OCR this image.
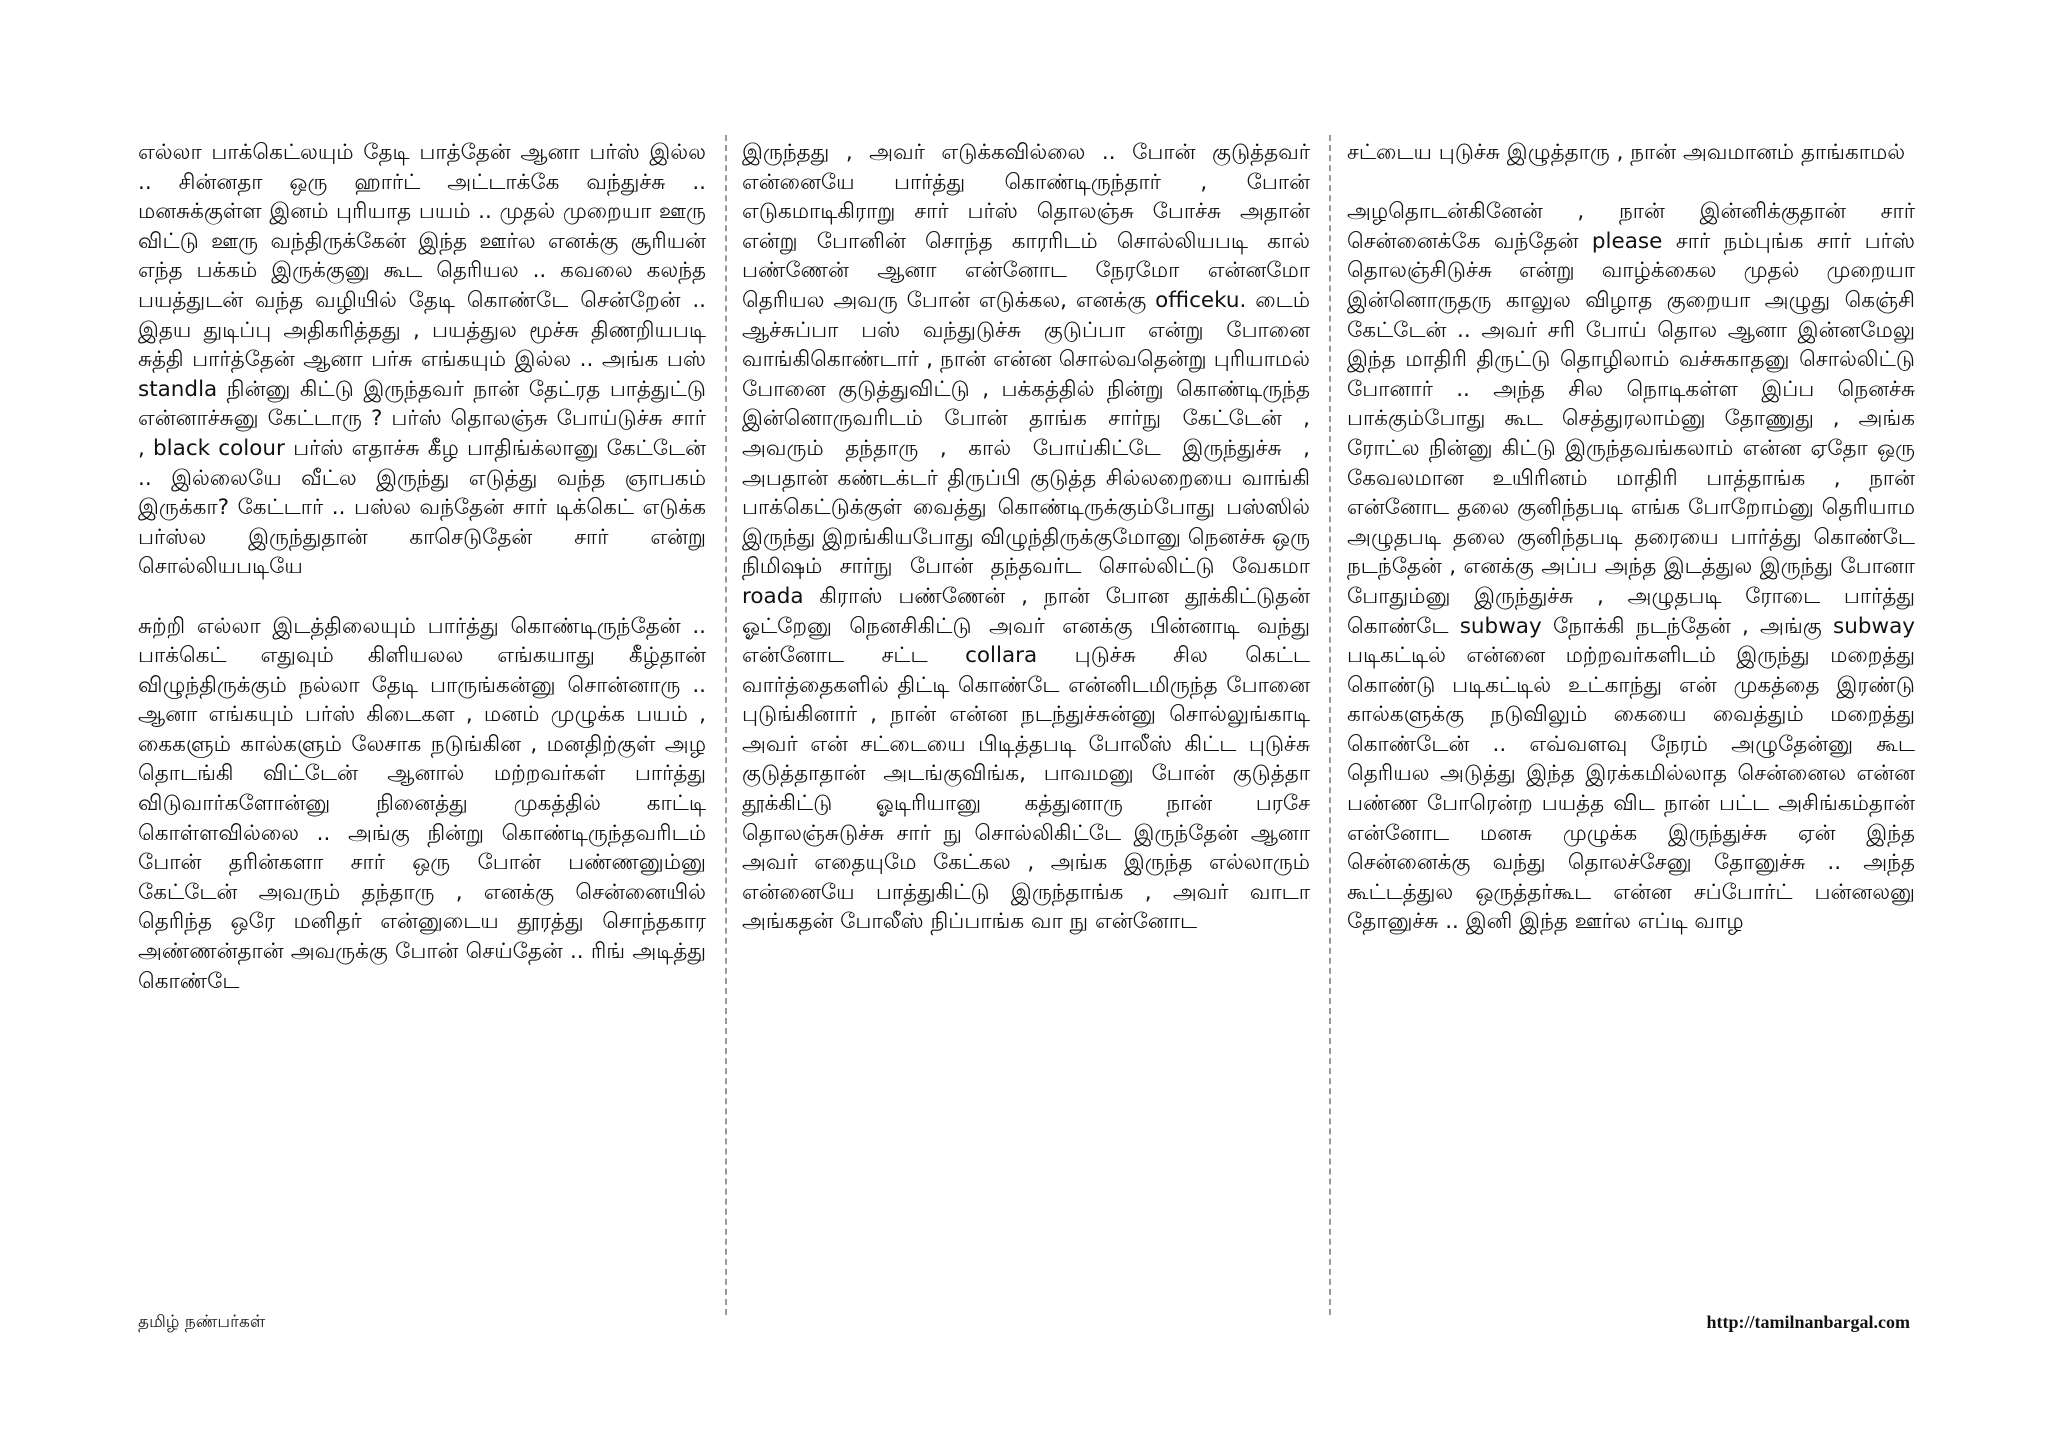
எல்லா பாக்கெட்லயும் தேடி பாத்தேன் ஆனா பர்ஸ் இல்ல .. சின்னதா ஒரு ஹார்ட் அட்டாக்கே வந்துச்சு .. மனசுக்குள்ள இனம் புரியாத பயம் .. முதல் முறையா ஊரு விட்டு ஊரு வந்திருக்கேன் இந்த ஊர்ல எனக்கு சூரியன் எந்த பக்கம் இருக்குனு கூட தெரியல .. கவலை கலந்த பயத்துடன் வந்த வழியில் தேடி கொண்டே சென்றேன் .. இதய துடிப்பு அதிகரித்தது , பயத்துல மூச்சு திணறியபடி சுத்தி பார்த்தேன் ஆனா பர்சு எங்கயும் இல்ல .. அங்க பஸ் standla நின்னு கிட்டு இருந்தவர் நான் தேட்ரத பாத்துட்டு என்னாச்சுனு கேட்டாரு ? பர்ஸ் தொலஞ்சு போய்டுச்சு சார் , black colour பர்ஸ் எதாச்சு கீழ பாதிங்க்லானு கேட்டேன் .. இல்லையே வீட்ல இருந்து எடுத்து வந்த ஞாபகம் இருக்கா? கேட்டார் .. பஸ்ல வந்தேன் சார் டிக்கெட் எடுக்க பர்ஸ்ல இருந்துதான் காசெடுதேன் சார் என்று சொல்லியபடியே

சுற்றி எல்லா இடத்திலையும் பார்த்து கொண்டிருந்தேன் .. பாக்கெட் எதுவும் கிளியலல எங்கயாது கீழ்தான் விழுந்திருக்கும் நல்லா தேடி பாருங்கன்னு சொன்னாரு .. ஆனா எங்கயும் பர்ஸ் கிடைகள , மனம் முழுக்க பயம் , கைகளும் கால்களும் லேசாக நடுங்கின , மனதிற்குள் அழ தொடங்கி விட்டேன் ஆனால் மற்றவர்கள் பார்த்து விடுவார்களோன்னு நினைத்து முகத்தில் காட்டி கொள்ளவில்லை .. அங்கு நின்று கொண்டிருந்தவரிடம் போன் தரின்களா சார் ஒரு போன் பண்ணனும்னு கேட்டேன் அவரும் தந்தாரு , எனக்கு சென்னையில் தெரிந்த ஒரே மனிதர் என்னுடைய தூரத்து சொந்தகார அண்ணன்தான் அவருக்கு போன் செய்தேன் .. ரிங் அடித்து கொண்டே

இருந்தது , அவர் எடுக்கவில்லை .. போன் குடுத்தவர் என்னையே பார்த்து கொண்டிருந்தார் , போன் எடுகமாடிகிராறு சார் பர்ஸ் தொலஞ்சு போச்சு அதான் என்று போனின் சொந்த காரரிடம் சொல்லியபடி கால் பண்ணேன் ஆனா என்னோட நேரமோ என்னமோ தெரியல அவரு போன் எடுக்கல, எனக்கு officeku. டைம் ஆச்சுப்பா பஸ் வந்துடுச்சு குடுப்பா என்று போனை வாங்கிகொண்டார் , நான் என்ன சொல்வதென்று புரியாமல் போனை குடுத்துவிட்டு , பக்கத்தில் நின்று கொண்டிருந்த இன்னொருவரிடம் போன் தாங்க சார்நு கேட்டேன் , அவரும் தந்தாரு , கால் போய்கிட்டே இருந்துச்சு , அபதான் கண்டக்டர் திருப்பி குடுத்த சில்லறையை வாங்கி பாக்கெட்டுக்குள் வைத்து கொண்டிருக்கும்போது பஸ்ஸில் இருந்து இறங்கியபோது விழுந்திருக்குமோனு நெனச்சு ஒரு நிமிஷம் சார்நு போன் தந்தவர்ட சொல்லிட்டு வேகமா roada கிராஸ் பண்ணேன் , நான் போன தூக்கிட்டுதன் ஓட்றேனு நெனசிகிட்டு அவர் எனக்கு பின்னாடி வந்து என்னோட சட்ட collara புடுச்சு சில கெட்ட வார்த்தைகளில் திட்டி கொண்டே என்னிடமிருந்த போனை புடுங்கினார் , நான் என்ன நடந்துச்சுன்னு சொல்லுங்காடி அவர் என் சட்டையை பிடித்தபடி போலீஸ் கிட்ட புடுச்சு குடுத்தாதான் அடங்குவிங்க, பாவமனு போன் குடுத்தா தூக்கிட்டு ஓடிரியானு கத்துனாரு நான் பரசே தொலஞ்சுடுச்சு சார் நு சொல்லிகிட்டே இருந்தேன் ஆனா அவர் எதையுமே கேட்கல , அங்க இருந்த எல்லாரும் என்னையே பாத்துகிட்டு இருந்தாங்க , அவர் வாடா அங்கதன் போலீஸ் நிப்பாங்க வா நு என்னோட

சட்டைய புடுச்சு இழுத்தாரு , நான் அவமானம் தாங்காமல்

அழதொடன்கினேன் , நான் இன்னிக்குதான் சார் சென்னைக்கே வந்தேன் please சார் நம்புங்க சார் பர்ஸ் தொலஞ்சிடுச்சு என்று வாழ்க்கைல முதல் முறையா இன்னொருதரு காலுல விழாத குறையா அழுது கெஞ்சி கேட்டேன் .. அவர் சரி போய் தொல ஆனா இன்னமேலு இந்த மாதிரி திருட்டு தொழிலாம் வச்சுகாதனு சொல்லிட்டு போனார் .. அந்த சில நொடிகள்ள இப்ப நெனச்சு பாக்கும்போது கூட செத்துரலாம்னு தோணுது , அங்க ரோட்ல நின்னு கிட்டு இருந்தவங்கலாம் என்ன ஏதோ ஒரு கேவலமான உயிரினம் மாதிரி பாத்தாங்க , நான் என்னோட தலை குனிந்தபடி எங்க போறோம்னு தெரியாம அழுதபடி தலை குனிந்தபடி தரையை பார்த்து கொண்டே நடந்தேன் , எனக்கு அப்ப அந்த இடத்துல இருந்து போனா போதும்னு இருந்துச்சு , அழுதபடி ரோடை பார்த்து கொண்டே subway நோக்கி நடந்தேன் , அங்கு subway படிகட்டில் என்னை மற்றவர்களிடம் இருந்து மறைத்து கொண்டு படிகட்டில் உட்காந்து என் முகத்தை இரண்டு கால்களுக்கு நடுவிலும் கையை வைத்தும் மறைத்து கொண்டேன் .. எவ்வளவு நேரம் அழுதேன்னு கூட தெரியல அடுத்து இந்த இரக்கமில்லாத சென்னைல என்ன பண்ண போரென்ற பயத்த விட நான் பட்ட அசிங்கம்தான் என்னோட மனசு முழுக்க இருந்துச்சு ஏன் இந்த சென்னைக்கு வந்து தொலச்சேனு தோனுச்சு .. அந்த கூட்டத்துல ஒருத்தர்கூட என்ன சப்போர்ட் பன்னலனு தோனுச்சு .. இனி இந்த ஊர்ல எப்டி வாழ

தமிழ் நண்பர்கள்	http://tamilnanbargal.com
